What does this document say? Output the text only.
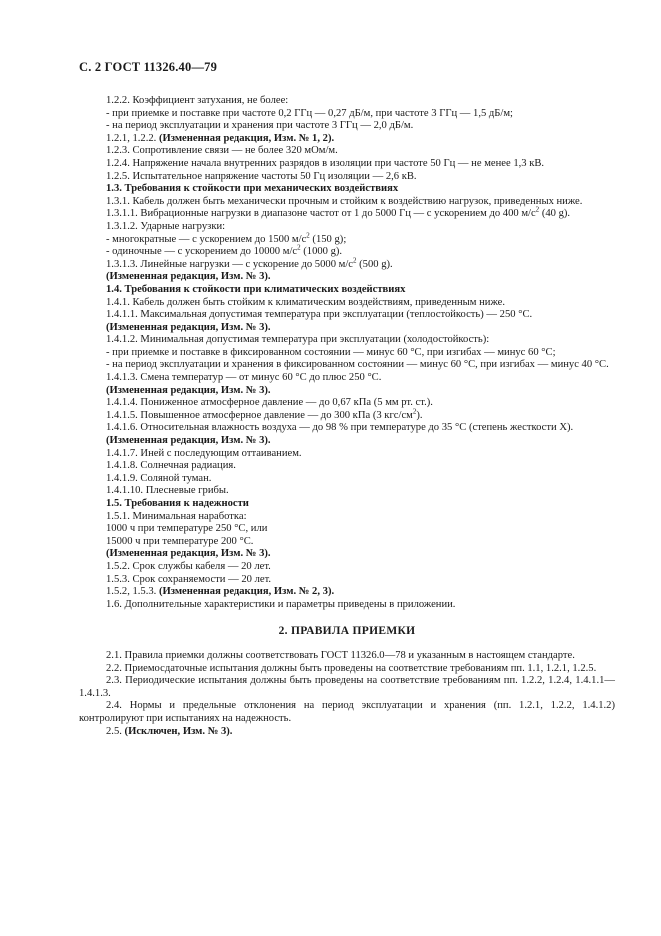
С. 2 ГОСТ 11326.40—79

1.2.2. Коэффициент затухания, не более:

- при приемке и поставке при частоте 0,2 ГГц — 0,27 дБ/м, при частоте 3 ГГц — 1,5 дБ/м;

- на период эксплуатации и хранения при частоте 3 ГГц — 2,0 дБ/м.

1.2.1, 1.2.2. (Измененная редакция, Изм. № 1, 2).

1.2.3. Сопротивление связи — не более 320 мОм/м.

1.2.4. Напряжение начала внутренних разрядов в изоляции при частоте 50 Гц — не менее 1,3 кВ.

1.2.5. Испытательное напряжение частоты 50 Гц изоляции — 2,6 кВ.

1.3. Требования к стойкости при механических воздействиях

1.3.1. Кабель должен быть механически прочным и стойким к воздействию нагрузок, приведенных ниже.

1.3.1.1. Вибрационные нагрузки в диапазоне частот от 1 до 5000 Гц — с ускорением до 400 $м/с^2$ (40 g).

1.3.1.2. Ударные нагрузки:

- многократные — с ускорением до 1500 $м/с^2$ (150 g);

- одиночные — с ускорением до 10000 $м/с^2$ (1000 g).

1.3.1.3. Линейные нагрузки — с ускорение до 5000 $м/с^2$ (500 g).

(Измененная редакция, Изм. № 3).

1.4. Требования к стойкости при климатических воздействиях

1.4.1. Кабель должен быть стойким к климатическим воздействиям, приведенным ниже.

1.4.1.1. Максимальная допустимая температура при эксплуатации (теплостойкость) — 250 °С.

(Измененная редакция, Изм. № 3).

1.4.1.2. Минимальная допустимая температура при эксплуатации (холодостойкость):

- при приемке и поставке в фиксированном состоянии — минус 60 °С, при изгибах — минус 60 °С;

- на период эксплуатации и хранения в фиксированном состоянии — минус 60 °С, при изгибах — минус 40 °С.

1.4.1.3. Смена температур — от минус 60 °С до плюс 250 °С.

(Измененная редакция, Изм. № 3).

1.4.1.4. Пониженное атмосферное давление — до 0,67 кПа (5 мм рт. ст.).

1.4.1.5. Повышенное атмосферное давление — до 300 кПа (3 кгс/$см^2$).

1.4.1.6. Относительная влажность воздуха — до 98 % при температуре до 35 °С (степень жесткости X).

(Измененная редакция, Изм. № 3).

1.4.1.7. Иней с последующим оттаиванием.

1.4.1.8. Солнечная радиация.

1.4.1.9. Соляной туман.

1.4.1.10. Плесневые грибы.

1.5. Требования к надежности

1.5.1. Минимальная наработка:

1000 ч при температуре 250 °С, или

15000 ч при температуре 200 °С.

(Измененная редакция, Изм. № 3).

1.5.2. Срок службы кабеля — 20 лет.

1.5.3. Срок сохраняемости — 20 лет.

1.5.2, 1.5.3. (Измененная редакция, Изм. № 2, 3).

1.6. Дополнительные характеристики и параметры приведены в приложении.

2. ПРАВИЛА ПРИЕМКИ

2.1. Правила приемки должны соответствовать ГОСТ 11326.0—78 и указанным в настоящем стандарте.

2.2. Приемосдаточные испытания должны быть проведены на соответствие требованиям пп. 1.1, 1.2.1, 1.2.5.

2.3. Периодические испытания должны быть проведены на соответствие требованиям пп. 1.2.2, 1.2.4, 1.4.1.1—1.4.1.3.

2.4. Нормы и предельные отклонения на период эксплуатации и хранения (пп. 1.2.1, 1.2.2, 1.4.1.2) контролируют при испытаниях на надежность.

2.5. (Исключен, Изм. № 3).
